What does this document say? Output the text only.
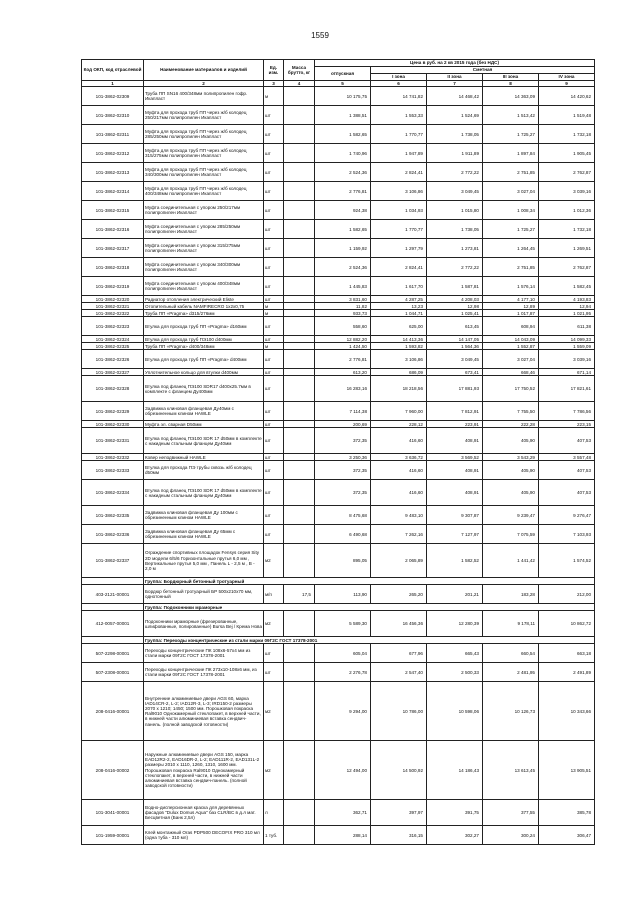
1559
Код ОКП, код отраслевой	Наименование материалов и изделий	Ед. изм.	Масса брутто, кг	Цена в руб. на 2 кв 2015 года (без НДС)				
				отпускная	Сметная			
					I зона	II зона	III зона	IV зона
1	2	3	4	5	6	7	8	9
101-3862-02309	Труба ПП SN16 400/348мм полипропилен гофр. Икапласт	м		10 175,75	14 741,82	14 468,42	14 363,09	14 420,62
101-3862-02310	Муфта для прохода труб ПП через ж/б колодец 250/217мм полипропилен Икапласт	шт		1 388,51	1 553,33	1 524,69	1 513,42	1 519,48
101-3862-02311	Муфта для прохода труб ПП через ж/б колодец 285/250мм полипропилен Икапласт	шт		1 582,65	1 770,77	1 738,05	1 725,27	1 732,18
101-3862-02312	Муфта для прохода труб ПП через ж/б колодец 315/275мм полипропилен Икапласт	шт		1 740,96	1 947,89	1 911,89	1 897,84	1 905,45
101-3862-02313	Муфта для прохода труб ПП через ж/б колодец 340/300мм полипропилен Икапласт	шт		2 524,36	2 824,41	2 772,22	2 751,85	2 762,87
101-3862-02314	Муфта для прохода труб ПП через ж/б колодец 400/348мм полипропилен Икапласт	шт		2 776,81	3 106,86	3 049,45	3 027,04	3 039,16
101-3862-02315	Муфта соединительная с упором 250/217мм полипропилен Икапласт	шт		924,38	1 034,93	1 015,80	1 008,34	1 012,36
101-3862-02316	Муфта соединительная с упором 285/250мм полипропилен Икапласт	шт		1 582,65	1 770,77	1 738,05	1 725,27	1 732,18
101-3862-02317	Муфта соединительная с упором 315/275мм полипропилен Икапласт	шт		1 159,92	1 297,79	1 273,81	1 264,45	1 269,51
101-3862-02318	Муфта соединительная с упором 340/300мм полипропилен Икапласт	шт		2 524,36	2 824,41	2 772,22	2 751,85	2 762,87
101-3862-02319	Муфта соединительная с упором 400/348мм полипропилен Икапласт	шт		1 445,83	1 617,70	1 587,81	1 576,14	1 582,45
101-3862-02320	Радиатор отопления электрический Eliste	шт		3 831,60	4 287,25	4 208,03	4 177,10	4 193,83
101-3862-02321	Отопительный кабель NAMFIRECRO 1x2x0,75	м		11,82	13,23	12,98	12,89	12,94
101-3862-02322	Труба ПП «Pragma» d315/276мм	м		933,73	1 044,71	1 025,41	1 017,87	1 021,95
101-3862-02323	Втулка для прохода труб ПП «Pragma» d160мм	шт		558,60	625,00	613,45	608,94	611,38
101-3862-02324	Втулка для прохода труб ПЭ100 d400мм	шт		12 882,20	14 413,36	14 147,05	14 043,09	14 099,33
101-3862-02325	Труба ПП «Pragma» d400/348мм	м		1 424,50	1 593,82	1 564,36	1 552,87	1 559,09
101-3862-02326	Втулка для прохода труб ПП «Pragma» d400мм	шт		2 776,81	3 106,86	3 049,45	3 027,04	3 039,16
101-3862-02327	Уплотнительное кольцо для втулки d400мм	шт		613,20	686,09	673,41	668,46	671,14
101-3862-02328	Втулка под фланец ПЭ100 SDR17 d400х25.7мм в комплекте с фланцем Ду400мм	шт		16 283,16	18 218,56	17 881,93	17 750,52	17 821,61
101-3862-02329	Задвижка клиновая фланцевая Ду40мм с обрезиненным клином HAWLE	шт		7 114,38	7 960,00	7 812,91	7 755,50	7 786,56
101-3862-02330	Муфта эл. сварная D50мм	шт		200,69	228,12	223,91	222,28	223,15
101-3862-02331	Втулка под фланец ПЭ100 SDR 17 d50мм в комплекте с накидным стальным фланцем Ду40мм	шт		372,35	416,60	408,91	405,90	407,53
101-3862-02332	Ковер неподвижный HAWLE	шт		3 250,36	3 636,72	3 569,52	3 543,29	3 557,48
101-3862-02333	Втулка для прохода ПЭ трубы сквозь ж/б колодец d50мм	шт		372,35	416,60	408,91	405,90	407,53
101-3862-02334	Втулка под фланец ПЭ100 SDR 17 d50мм в комплекте с накидным стальным фланцем Ду40мм	шт		372,35	416,60	408,91	405,90	407,53
101-3862-02335	Задвижка клиновая фланцевая Ду 100мм с обрезиненным клином HAWLE	шт		8 475,68	9 483,10	9 307,87	9 239,47	9 276,47
101-3862-02336	Задвижка клиновая фланцевая Ду 65мм с обрезиненным клином HAWLE	шт		6 490,68	7 262,16	7 127,97	7 075,59	7 103,93
101-3862-02337	Ограждение спортивных площадок Fensys серия Sity 2D модели 6/5/6 Горизонтальные прутья 6,0 мм , Вертикальные прутья 5,0 мм , Панель L - 2,5 м , В - 2,0 м	м2		895,05	2 065,89	1 582,52	1 441,42	1 574,52
	Группа: Бордюрный бетонный тротуарный							
403-2121-00001	Бордюр бетонный тротуарный БР 500х210х70 мм, однотонный	м/п	17,5	113,90	265,20	201,21	183,28	212,00
	Группа: Подоконники мраморные							
412-0057-00001	Подоконники мраморные (фрезерованные, шлифованные, полированные) Bursa Bej / Крема Нова	м2		5 589,30	16 456,36	12 280,39	9 178,11	10 862,72
	Группа: Переходы концентрические из стали марки 09Г2С ГОСТ 17378-2001							
507-2298-00001	Переходы концентрические ПК 108х6-57х4 мм из стали марки 09Г2С ГОСТ 17378-2001	шт		605,04	677,96	665,43	660,54	663,18
507-2308-00001	Переходы концентрические ПК 273х10-108х6 мм, из стали марки 09Г2С ГОСТ 17378-2001	шт		2 276,78	2 547,40	2 500,33	2 481,95	2 491,89
208-0416-00001	Внутренние алюминиевые двери AGS 60, марка IAD14CR-2, L-2; IAD12R-3, L-3; IRD150-2 размеры 2070 х 1210; 1450; 1500 мм. Порошковая покраска Ral9010 Однокамерный стеклопакет, в верхней части, в нижней части алюминиевая вставка сендвич-панель. (полной заводской готовности)	м2		9 294,00	10 786,00	10 598,06	10 126,73	10 343,66
208-0416-00002	Наружные алюминиевые двери AGS 150, марка EAD12R2-2, EAD16DR-2, L-2; EAD111R-2, EAD131L-2 размеры 2010 х 1110, 1260, 1310, 1600 мм. Порошковая покраска Ral9010 Однокамерный стеклопакет, в верхней части, в нижней части алюминиевая вставка сендвич-панель. (полной заводской готовности)	м2		12 494,00	14 500,92	14 186,43	13 613,45	13 905,51
101-3041-00001	Водно-дисперсионная краска для деревянных фасадов "Dulux Domus Aqua" баз CLR/BC в д.л мат. Бесцветная (Банк 2,5л)	л		362,71	397,97	391,75	377,55	385,78
101-1959-00001	Клей монтажный Oras PDP500 DECOFIX PRO 310 мл (одна туба - 310 мл)	1 туб.		288,14	316,15	302,27	300,24	306,47
